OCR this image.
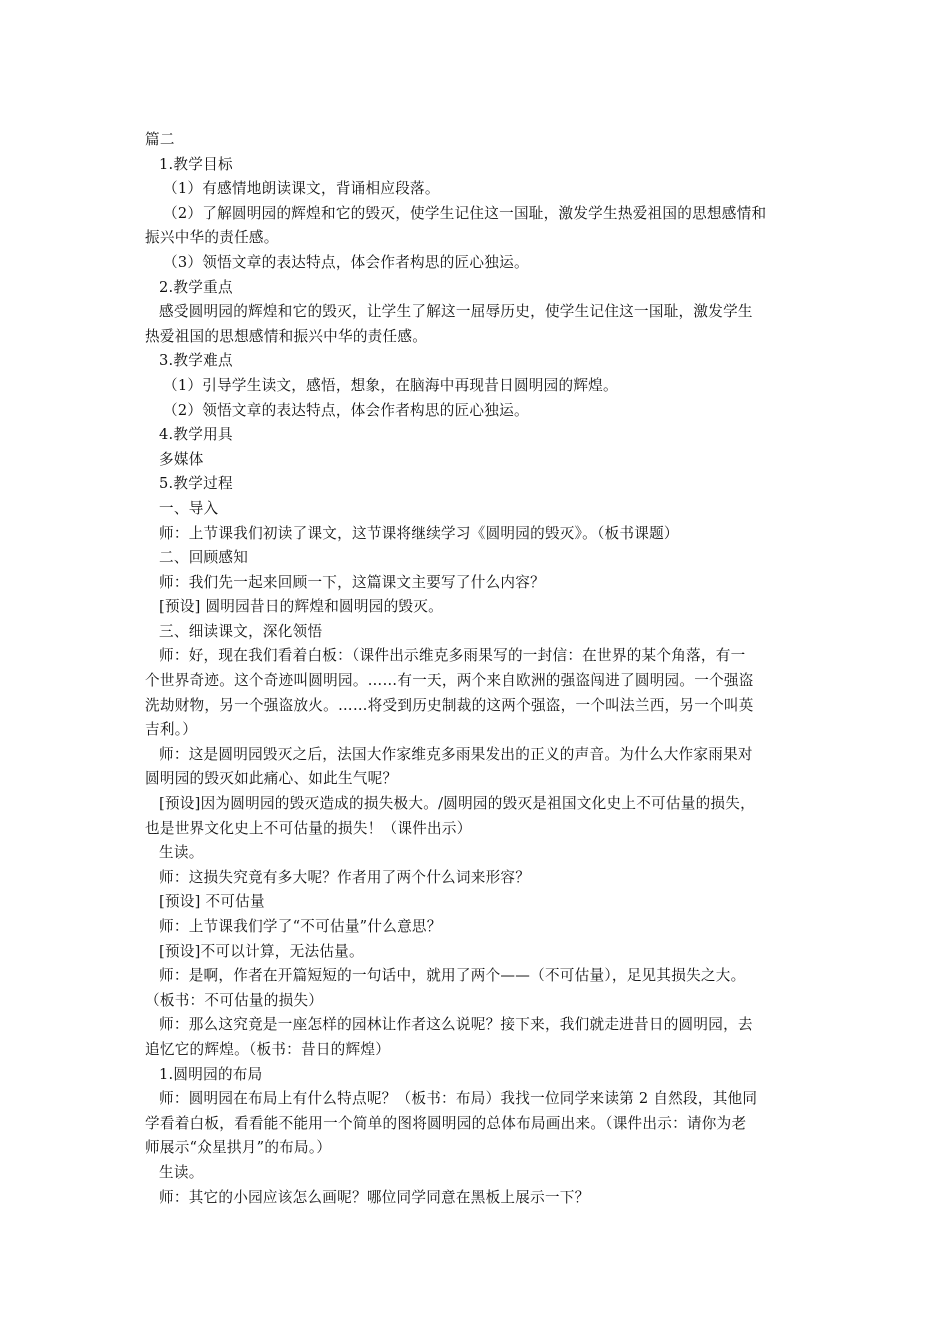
篇二
1.教学目标
（1）有感情地朗读课文，背诵相应段落。
（2）了解圆明园的辉煌和它的毁灭，使学生记住这一国耻，激发学生热爱祖国的思想感情和
振兴中华的责任感。
（3）领悟文章的表达特点，体会作者构思的匠心独运。
2.教学重点
感受圆明园的辉煌和它的毁灭，让学生了解这一屈辱历史，使学生记住这一国耻，激发学生
热爱祖国的思想感情和振兴中华的责任感。
3.教学难点
（1）引导学生读文，感悟，想象，在脑海中再现昔日圆明园的辉煌。
（2）领悟文章的表达特点，体会作者构思的匠心独运。
4.教学用具
多媒体
5.教学过程
一、导入
师：上节课我们初读了课文，这节课将继续学习《圆明园的毁灭》。（板书课题）
二、回顾感知
师：我们先一起来回顾一下，这篇课文主要写了什么内容？
[预设] 圆明园昔日的辉煌和圆明园的毁灭。
三、细读课文，深化领悟
师：好，现在我们看着白板：（课件出示维克多雨果写的一封信：在世界的某个角落，有一
个世界奇迹。这个奇迹叫圆明园。……有一天，两个来自欧洲的强盗闯进了圆明园。一个强盗
洗劫财物，另一个强盗放火。……将受到历史制裁的这两个强盗，一个叫法兰西，另一个叫英
吉利。）
师：这是圆明园毁灭之后，法国大作家维克多雨果发出的正义的声音。为什么大作家雨果对
圆明园的毁灭如此痛心、如此生气呢？
[预设]因为圆明园的毁灭造成的损失极大。/圆明园的毁灭是祖国文化史上不可估量的损失，
也是世界文化史上不可估量的损失！（课件出示）
生读。
师：这损失究竟有多大呢？作者用了两个什么词来形容？
[预设] 不可估量
师：上节课我们学了“不可估量”什么意思？
[预设]不可以计算，无法估量。
师：是啊，作者在开篇短短的一句话中，就用了两个——（不可估量），足见其损失之大。
（板书：不可估量的损失）
师：那么这究竟是一座怎样的园林让作者这么说呢？接下来，我们就走进昔日的圆明园，去
追忆它的辉煌。（板书：昔日的辉煌）
1.圆明园的布局
师：圆明园在布局上有什么特点呢？（板书：布局）我找一位同学来读第 2 自然段，其他同
学看着白板，看看能不能用一个简单的图将圆明园的总体布局画出来。（课件出示：请你为老
师展示“众星拱月”的布局。）
生读。
师：其它的小园应该怎么画呢？哪位同学同意在黑板上展示一下？
